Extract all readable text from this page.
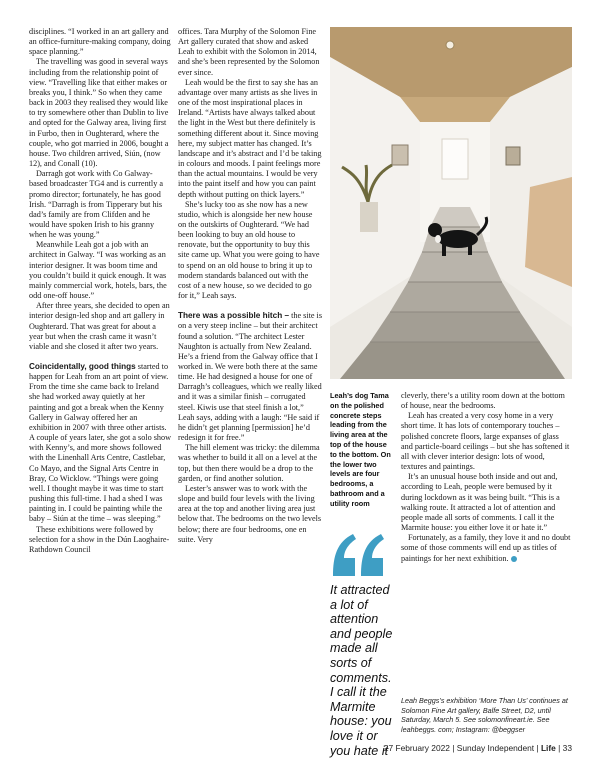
disciplines. “I worked in an art gallery and an office-furniture-making company, doing space planning.”

The travelling was good in several ways including from the relationship point of view. “Travelling like that either makes or breaks you, I think.” So when they came back in 2003 they realised they would like to try somewhere other than Dublin to live and opted for the Galway area, living first in Furbo, then in Oughterard, where the couple, who got married in 2006, bought a house. Two children arrived, Siún, (now 12), and Conall (10).

Darragh got work with Co Galway-based broadcaster TG4 and is currently a promo director; fortunately, he has good Irish. “Darragh is from Tipperary but his dad’s family are from Clifden and he would have spoken Irish to his granny when he was young.”

Meanwhile Leah got a job with an architect in Galway. “I was working as an interior designer. It was boom time and you couldn’t build it quick enough. It was mainly commercial work, hotels, bars, the odd one-off house.”

After three years, she decided to open an interior design-led shop and art gallery in Oughterard. That was great for about a year but when the crash came it wasn’t viable and she closed it after two years.

Coincidentally, good things started to happen for Leah from an art point of view. From the time she came back to Ireland she had worked away quietly at her painting and got a break when the Kenny Gallery in Galway offered her an exhibition in 2007 with three other artists. A couple of years later, she got a solo show with Kenny’s, and more shows followed with the Linenhall Arts Centre, Castlebar, Co Mayo, and the Signal Arts Centre in Bray, Co Wicklow. “Things were going well. I thought maybe it was time to start pushing this full-time. I had a shed I was painting in. I could be painting while the baby – Siún at the time – was sleeping.”

These exhibitions were followed by selection for a show in the Dún Laoghaire-Rathdown Council

offices. Tara Murphy of the Solomon Fine Art gallery curated that show and asked Leah to exhibit with the Solomon in 2014, and she’s been represented by the Solomon ever since.

Leah would be the first to say she has an advantage over many artists as she lives in one of the most inspirational places in Ireland. “Artists have always talked about the light in the West but there definitely is something different about it. Since moving here, my subject matter has changed. It’s landscape and it’s abstract and I’d be taking in colours and moods. I paint feelings more than the actual mountains. I would be very into the paint itself and how you can paint depth without putting on thick layers.”

She’s lucky too as she now has a new studio, which is alongside her new house on the outskirts of Oughterard. “We had been looking to buy an old house to renovate, but the opportunity to buy this site came up. What you were going to have to spend on an old house to bring it up to modern standards balanced out with the cost of a new house, so we decided to go for it,” Leah says.

There was a possible hitch – the site is on a very steep incline – but their architect found a solution. “The architect Lester Naughton is actually from New Zealand. He’s a friend from the Galway office that I worked in. We were both there at the same time. He had designed a house for one of Darragh’s colleagues, which we really liked and it was a similar finish – corrugated steel. Kiwis use that steel finish a lot,” Leah says, adding with a laugh: “He said if he didn’t get planning [permission] he’d redesign it for free.”

The hill element was tricky: the dilemma was whether to build it all on a level at the top, but then there would be a drop to the garden, or find another solution.

Lester’s answer was to work with the slope and build four levels with the living area at the top and another living area just below that. The bedrooms on the two levels below; there are four bedrooms, one en suite. Very

Leah’s dog Tama on the polished concrete steps leading from the living area at the top of the house to the bottom. On the lower two levels are four bedrooms, a bathroom and a utility room
It attracted a lot of attention and people made all sorts of comments. I call it the Marmite house: you love it or you hate it

cleverly, there’s a utility room down at the bottom of house, near the bedrooms.

Leah has created a very cosy home in a very short time. It has lots of contemporary touches – polished concrete floors, large expanses of glass and particle-board ceilings – but she has softened it all with clever interior design: lots of wood, textures and paintings.

It’s an unusual house both inside and out and, according to Leah, people were bemused by it during lockdown as it was being built. “This is a walking route. It attracted a lot of attention and people made all sorts of comments. I call it the Marmite house: you either love it or hate it.”

Fortunately, as a family, they love it and no doubt some of those comments will end up as titles of paintings for her next exhibition.

Leah Beggs’s exhibition ‘More Than Us’ continues at Solomon Fine Art gallery, Balfe Street, D2, until Saturday, March 5. See solomonfineart.ie. See leahbeggs. com; Instagram: @beggser
27 February 2022 | Sunday Independent | Life | 33
